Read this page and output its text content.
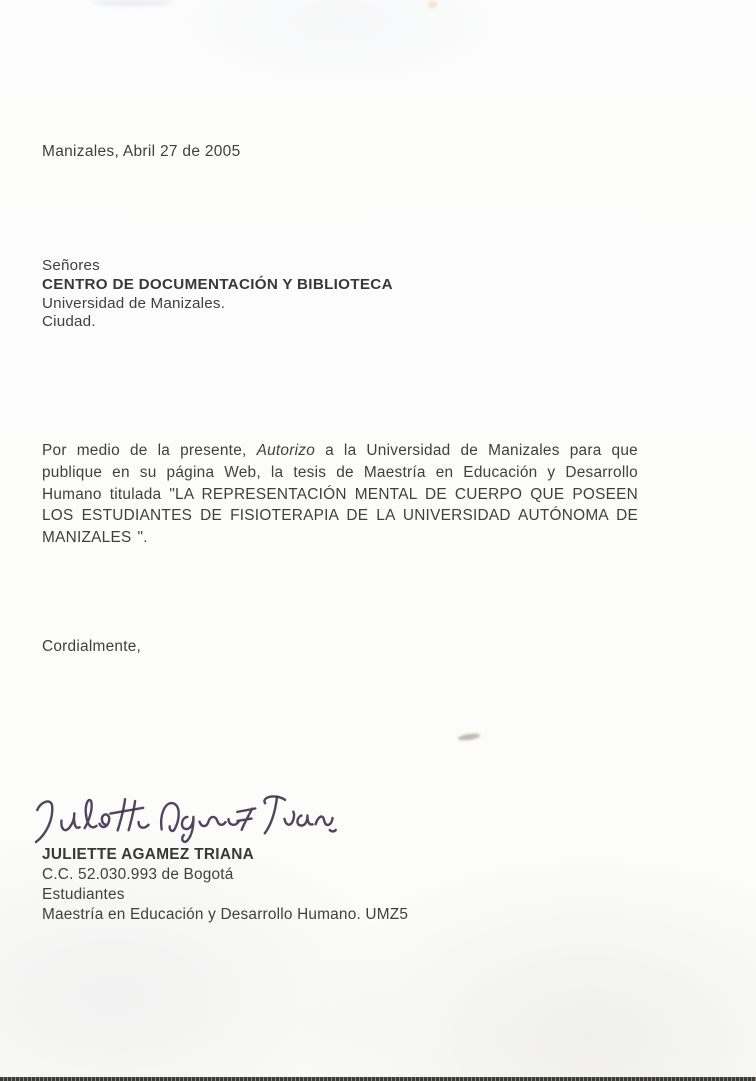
Manizales, Abril 27 de 2005
Señores
CENTRO DE DOCUMENTACIÓN Y BIBLIOTECA
Universidad de Manizales.
Ciudad.

Por medio de la presente, Autorizo a la Universidad de Manizales para que publique en su página Web, la tesis de Maestría en Educación y Desarrollo Humano titulada "LA REPRESENTACIÓN MENTAL DE CUERPO QUE POSEEN LOS ESTUDIANTES DE FISIOTERAPIA DE LA UNIVERSIDAD AUTÓNOMA DE MANIZALES ".

Cordialmente,
JULIETTE AGAMEZ TRIANA
C.C. 52.030.993 de Bogotá
Estudiantes
Maestría en Educación y Desarrollo Humano. UMZ5
